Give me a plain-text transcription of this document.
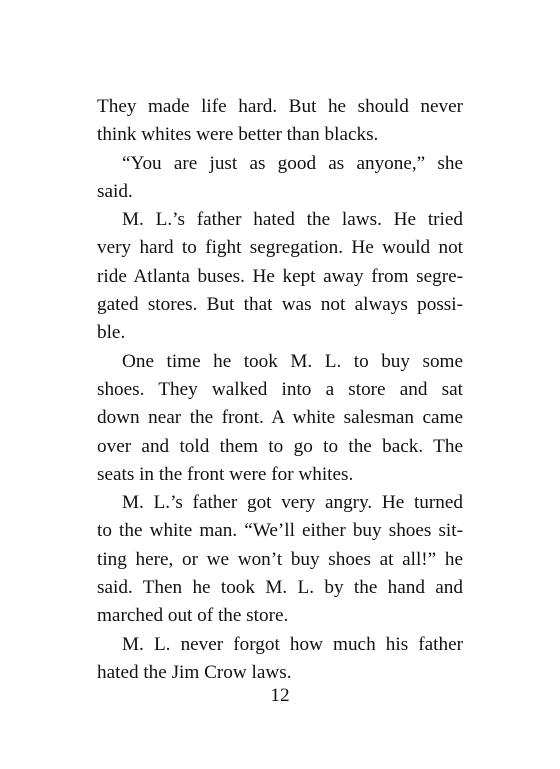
They made life hard. But he should never
think whites were better than blacks.
“You are just as good as anyone,” she
said.
M. L.’s father hated the laws. He tried
very hard to fight segregation. He would not
ride Atlanta buses. He kept away from segre-
gated stores. But that was not always possi-
ble.
One time he took M. L. to buy some
shoes. They walked into a store and sat
down near the front. A white salesman came
over and told them to go to the back. The
seats in the front were for whites.
M. L.’s father got very angry. He turned
to the white man. “We’ll either buy shoes sit-
ting here, or we won’t buy shoes at all!” he
said. Then he took M. L. by the hand and
marched out of the store.
M. L. never forgot how much his father
hated the Jim Crow laws.
12
